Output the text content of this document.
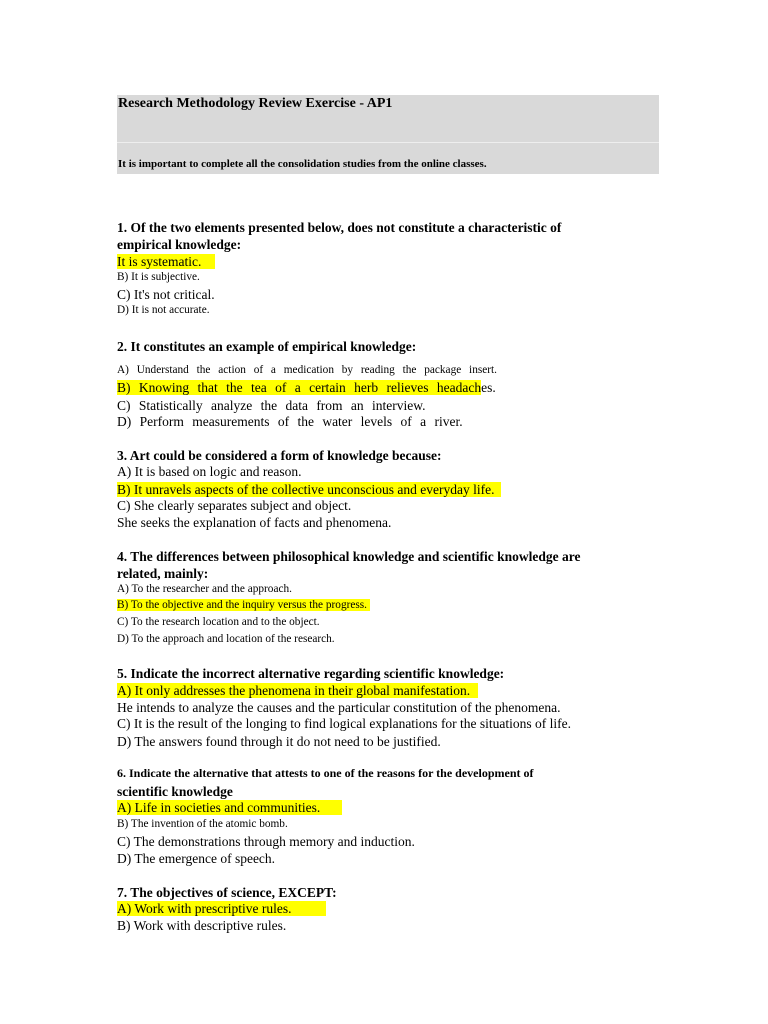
Research Methodology Review Exercise - AP1
It is important to complete all the consolidation studies from the online classes.
1. Of the two elements presented below, does not constitute a characteristic of
empirical knowledge:
It is systematic.
B) It is subjective.
C) It's not critical.
D) It is not accurate.
2. It constitutes an example of empirical knowledge:
A) Understand the action of a medication by reading the package insert.
B) Knowing that the tea of a certain herb relieves headaches.
C) Statistically analyze the data from an interview.
D) Perform measurements of the water levels of a river.
3. Art could be considered a form of knowledge because:
A) It is based on logic and reason.
B) It unravels aspects of the collective unconscious and everyday life.
C) She clearly separates subject and object.
She seeks the explanation of facts and phenomena.
4. The differences between philosophical knowledge and scientific knowledge are
related, mainly:
A) To the researcher and the approach.
B) To the objective and the inquiry versus the progress.
C) To the research location and to the object.
D) To the approach and location of the research.
5. Indicate the incorrect alternative regarding scientific knowledge:
A) It only addresses the phenomena in their global manifestation.
He intends to analyze the causes and the particular constitution of the phenomena.
C) It is the result of the longing to find logical explanations for the situations of life.
D) The answers found through it do not need to be justified.
6. Indicate the alternative that attests to one of the reasons for the development of
scientific knowledge
A) Life in societies and communities.
B) The invention of the atomic bomb.
C) The demonstrations through memory and induction.
D) The emergence of speech.
7. The objectives of science, EXCEPT:
A) Work with prescriptive rules.
B) Work with descriptive rules.
